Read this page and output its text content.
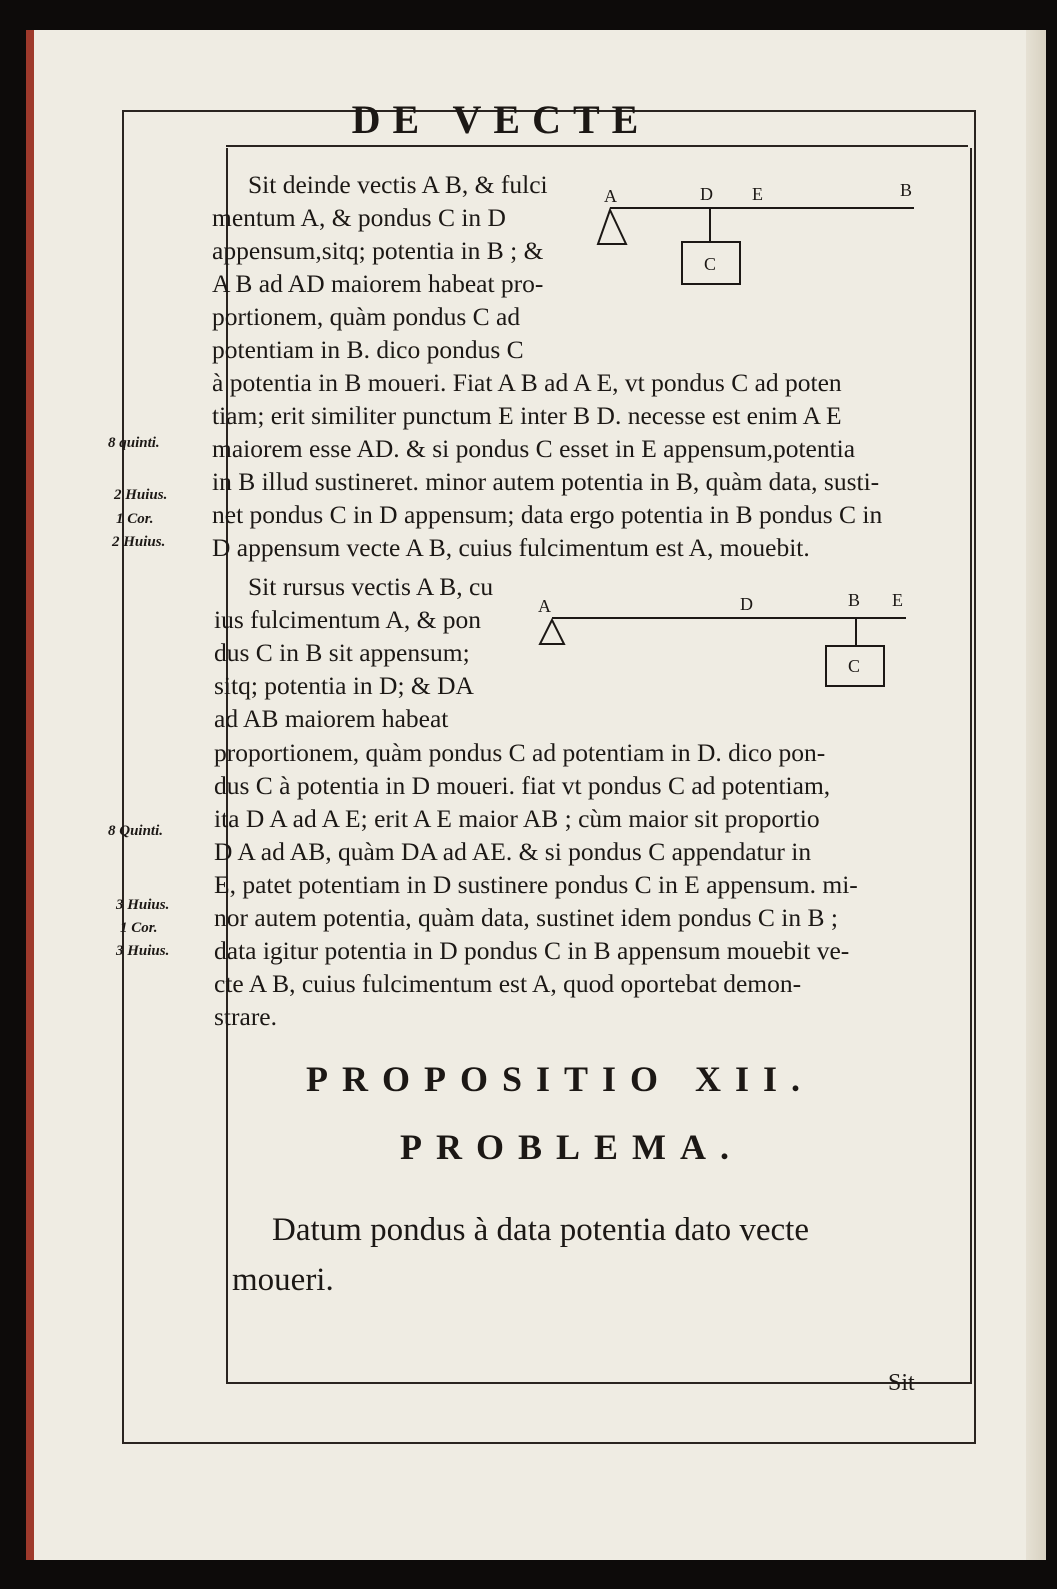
DE VECTE
Sit deinde vectis A B, & fulci
mentum A, & pondus C in D
appensum,sitq; potentia in B ; &
A B ad AD maiorem habeat pro-
portionem, quàm pondus C ad
potentiam in B. dico pondus C
à potentia in B moueri. Fiat A B ad A E, vt pondus C ad poten
tiam; erit similiter punctum E inter B D. necesse est enim A E
maiorem esse AD. & si pondus C esset in E appensum,potentia
in B illud sustineret. minor autem potentia in B, quàm data, susti-
net pondus C in D appensum; data ergo potentia in B pondus C in
D appensum vecte A B, cuius fulcimentum est A, mouebit.
A	D E	B
C
Sit rursus vectis A B, cu
ius fulcimentum A, & pon
dus C in B sit appensum;
sitq; potentia in D; & DA
ad AB maiorem habeat
proportionem, quàm pondus C ad potentiam in D. dico pon-
dus C à potentia in D moueri. fiat vt pondus C ad potentiam,
ita D A ad A E; erit A E maior AB ; cùm maior sit proportio
D A ad AB, quàm DA ad AE. & si pondus C appendatur in
E, patet potentiam in D sustinere pondus C in E appensum. mi-
nor autem potentia, quàm data, sustinet idem pondus C in B ;
data igitur potentia in D pondus C in B appensum mouebit ve-
cte A B, cuius fulcimentum est A, quod oportebat demon-
strare.
A	D	B E
C
8 quinti.
2 Huius.
1 Cor.
2 Huius.
8 Quinti.
3 Huius.
1 Cor.
3 Huius.
PROPOSITIO XII.
PROBLEMA.
Datum pondus à data potentia dato vecte
moueri.
Sit
